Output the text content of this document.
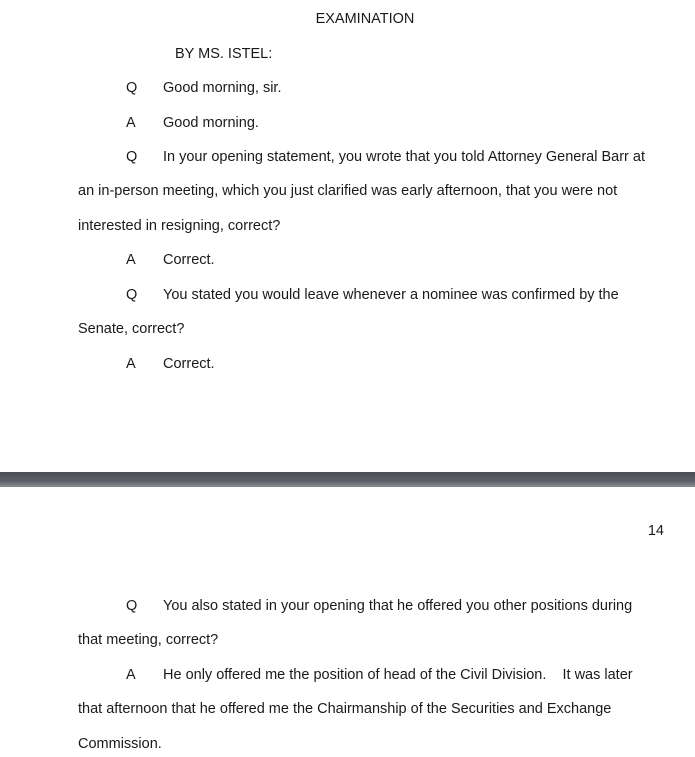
EXAMINATION
BY MS. ISTEL:
Q Good morning, sir.
A Good morning.
Q In your opening statement, you wrote that you told Attorney General Barr at
an in-person meeting, which you just clarified was early afternoon, that you were not
interested in resigning, correct?
A Correct.
Q You stated you would leave whenever a nominee was confirmed by the
Senate, correct?
A Correct.
14
Q You also stated in your opening that he offered you other positions during
that meeting, correct?
A He only offered me the position of head of the Civil Division.    It was later
that afternoon that he offered me the Chairmanship of the Securities and Exchange
Commission.
